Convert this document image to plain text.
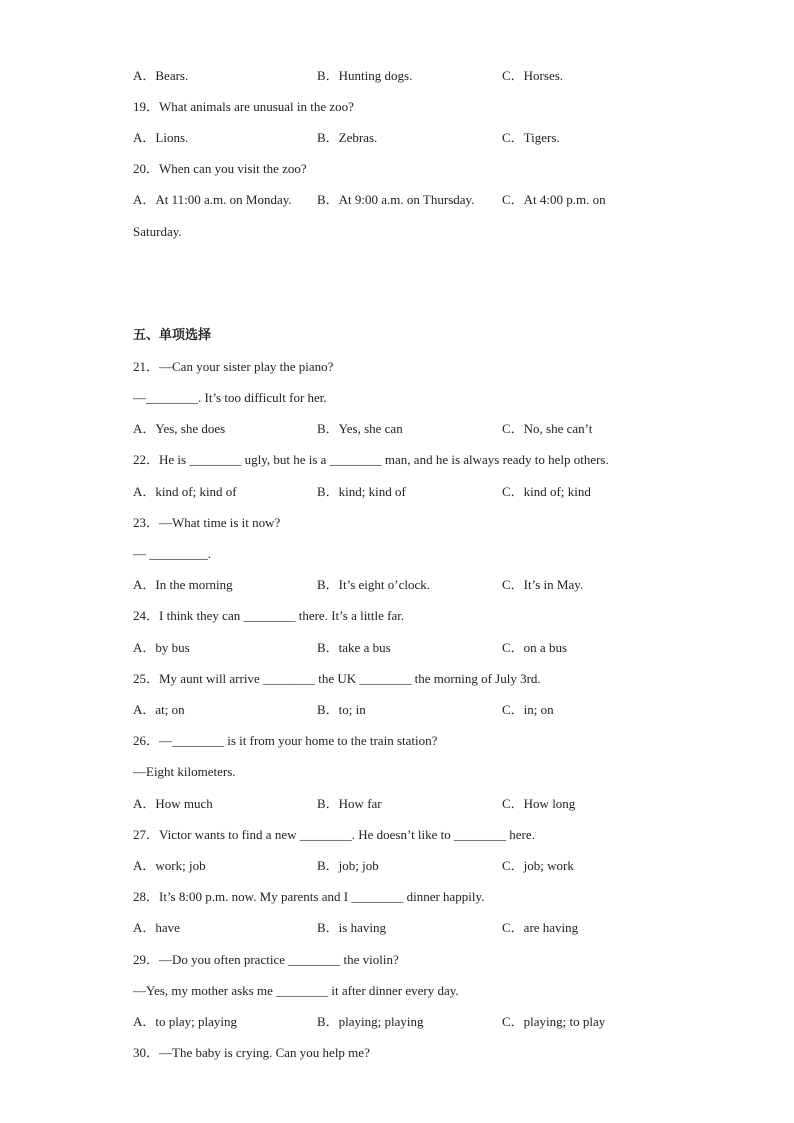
A．Bears.	B．Hunting dogs.	C．Horses.
19．What animals are unusual in the zoo?
A．Lions.	B．Zebras.	C．Tigers.
20．When can you visit the zoo?
A．At 11:00 a.m. on Monday. B．At 9:00 a.m. on Thursday. C．At 4:00 p.m. on
Saturday.
五、单项选择
21．—Can your sister play the piano?
—________. It’s too difficult for her.
A．Yes, she does	B．Yes, she can	C．No, she can’t
22．He is ________ ugly, but he is a ________ man, and he is always ready to help others.
A．kind of; kind of	B．kind; kind of	C．kind of; kind
23．—What time is it now?
— _________.
A．In the morning	B．It’s eight o’clock.	C．It’s in May.
24．I think they can ________ there. It’s a little far.
A．by bus	B．take a bus	C．on a bus
25．My aunt will arrive ________ the UK ________ the morning of July 3rd.
A．at; on	B．to; in	C．in; on
26．—________ is it from your home to the train station?
—Eight kilometers.
A．How much	B．How far	C．How long
27．Victor wants to find a new ________. He doesn’t like to ________ here.
A．work; job	B．job; job	C．job; work
28．It’s 8:00 p.m. now. My parents and I ________ dinner happily.
A．have	B．is having	C．are having
29．—Do you often practice ________ the violin?
—Yes, my mother asks me ________ it after dinner every day.
A．to play; playing	B．playing; playing	C．playing; to play
30．—The baby is crying. Can you help me?
